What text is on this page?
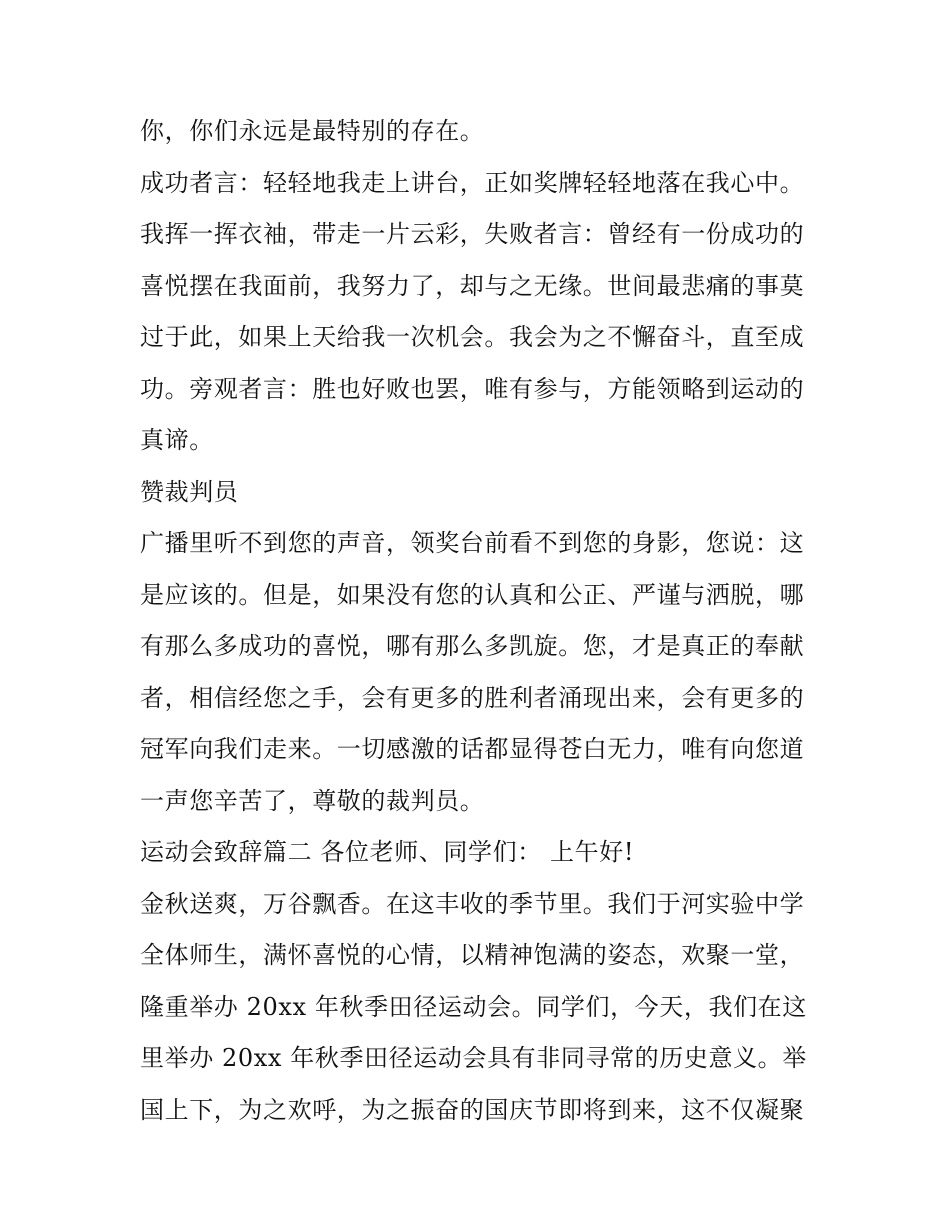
你，你们永远是最特别的存在。
成功者言：轻轻地我走上讲台，正如奖牌轻轻地落在我心中。
我挥一挥衣袖，带走一片云彩，失败者言：曾经有一份成功的
喜悦摆在我面前，我努力了，却与之无缘。世间最悲痛的事莫
过于此，如果上天给我一次机会。我会为之不懈奋斗，直至成
功。旁观者言：胜也好败也罢，唯有参与，方能领略到运动的
真谛。
赞裁判员
广播里听不到您的声音，领奖台前看不到您的身影，您说：这
是应该的。但是，如果没有您的认真和公正、严谨与洒脱，哪
有那么多成功的喜悦，哪有那么多凯旋。您，才是真正的奉献
者，相信经您之手，会有更多的胜利者涌现出来，会有更多的
冠军向我们走来。一切感激的话都显得苍白无力，唯有向您道
一声您辛苦了，尊敬的裁判员。
运动会致辞篇二 各位老师、同学们： 上午好!
金秋送爽，万谷飘香。在这丰收的季节里。我们于河实验中学
全体师生，满怀喜悦的心情，以精神饱满的姿态，欢聚一堂，
隆重举办 20xx 年秋季田径运动会。同学们，今天，我们在这
里举办 20xx 年秋季田径运动会具有非同寻常的历史意义。举
国上下，为之欢呼，为之振奋的国庆节即将到来，这不仅凝聚
